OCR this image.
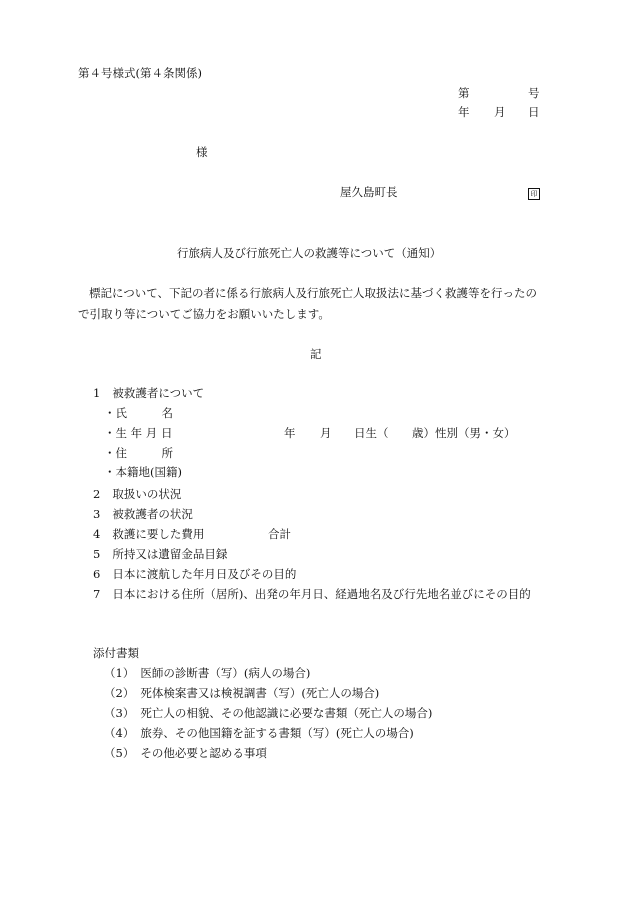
第４号様式(第４条関係)
第	号
年 月 日
様
屋久島町長	印
行旅病人及び行旅死亡人の救護等について（通知）
標記について、下記の者に係る行旅病人及行旅死亡人取扱法に基づく救護等を行ったの
で引取り等についてご協力をお願いいたします。
記
1 被救護者について
・氏　　　名
・生 年 月 日	年 月 日生（ 歳）性別（男・女）
・住　　　所
・本籍地(国籍)
2 取扱いの状況
3 被救護者の状況
4 救護に要した費用	合計
5 所持又は遺留金品目録
6 日本に渡航した年月日及びその目的
7 日本における住所（居所)、出発の年月日、経過地名及び行先地名並びにその目的
添付書類
（1） 医師の診断書（写）(病人の場合)
（2） 死体検案書又は検視調書（写）(死亡人の場合)
（3） 死亡人の相貌、その他認識に必要な書類（死亡人の場合)
（4） 旅券、その他国籍を証する書類（写）(死亡人の場合)
（5） その他必要と認める事項
